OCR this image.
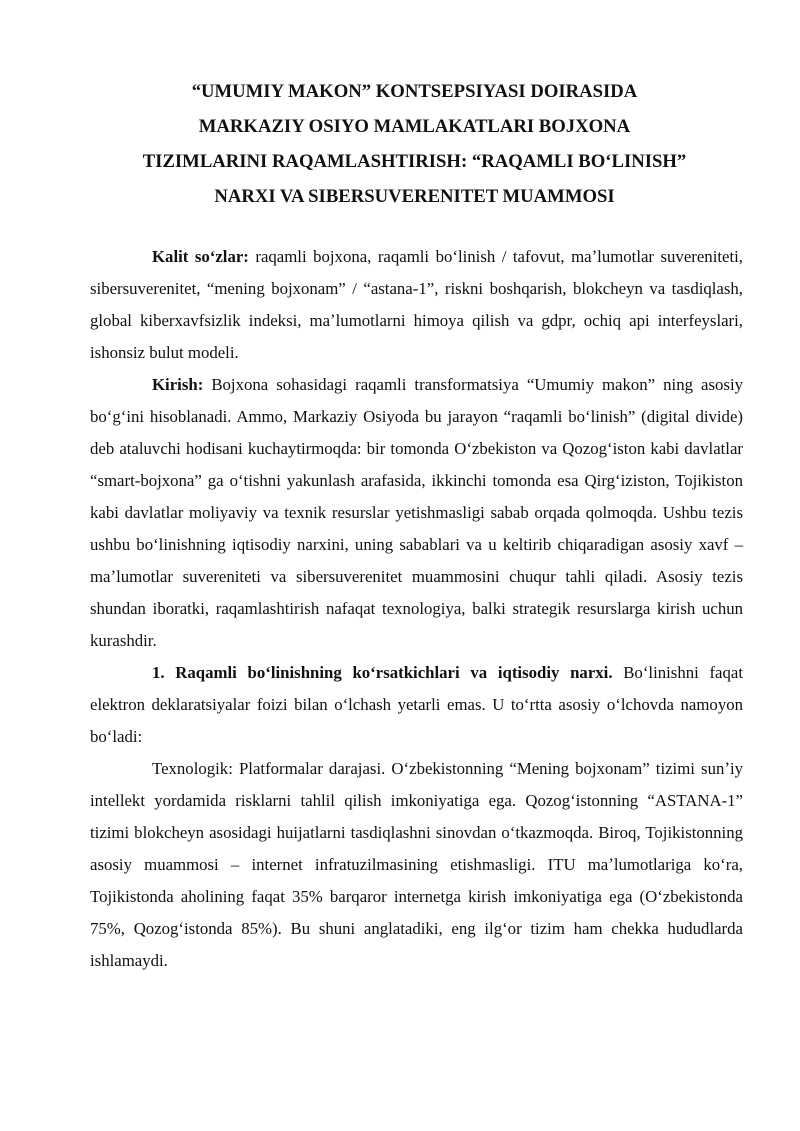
“UMUMIY MAKON” KONTSEPSIYASI DOIRASIDA
MARKAZIY OSIYO MAMLAKATLARI BOJXONA
TIZIMLARINI RAQAMLASHTIRISH: “RAQAMLI BOʻLINISH”
NARXI VA SIBERSUVERENITET MUAMMOSI

Kalit soʻzlar: raqamli bojxona, raqamli boʻlinish / tafovut, maʼlumotlar suvereniteti, sibersuverenitet, “mening bojxonam” / “astana-1”, riskni boshqarish, blokcheyn va tasdiqlash, global kiberxavfsizlik indeksi, maʼlumotlarni himoya qilish va gdpr, ochiq api interfeyslari, ishonsiz bulut modeli.

Kirish: Bojxona sohasidagi raqamli transformatsiya “Umumiy makon” ning asosiy boʻgʻini hisoblanadi. Ammo, Markaziy Osiyoda bu jarayon “raqamli boʻlinish” (digital divide) deb ataluvchi hodisani kuchaytirmoqda: bir tomonda Oʻzbekiston va Qozogʻiston kabi davlatlar “smart-bojxona” ga oʻtishni yakunlash arafasida, ikkinchi tomonda esa Qirgʻiziston, Tojikiston kabi davlatlar moliyaviy va texnik resurslar yetishmasligi sabab orqada qolmoqda. Ushbu tezis ushbu boʻlinishning iqtisodiy narxini, uning sabablari va u keltirib chiqaradigan asosiy xavf – maʼlumotlar suvereniteti va sibersuverenitet muammosini chuqur tahli qiladi. Asosiy tezis shundan iboratki, raqamlashtirish nafaqat texnologiya, balki strategik resurslarga kirish uchun kurashdir.

1. Raqamli boʻlinishning koʻrsatkichlari va iqtisodiy narxi. Boʻlinishni faqat elektron deklaratsiyalar foizi bilan oʻlchash yetarli emas. U toʻrtta asosiy oʻlchovda namoyon boʻladi:

Texnologik: Platformalar darajasi. Oʻzbekistonning “Mening bojxonam” tizimi sunʼiy intellekt yordamida risklarni tahlil qilish imkoniyatiga ega. Qozogʻistonning “ASTANA-1” tizimi blokcheyn asosidagi huijatlarni tasdiqlashni sinovdan oʻtkazmoqda. Biroq, Tojikistonning asosiy muammosi – internet infratuzilmasining etishmasligi. ITU maʼlumotlariga koʻra, Tojikistonda aholining faqat 35% barqaror internetga kirish imkoniyatiga ega (Oʻzbekistonda 75%, Qozogʻistonda 85%). Bu shuni anglatadiki, eng ilgʻor tizim ham chekka hududlarda ishlamaydi.
